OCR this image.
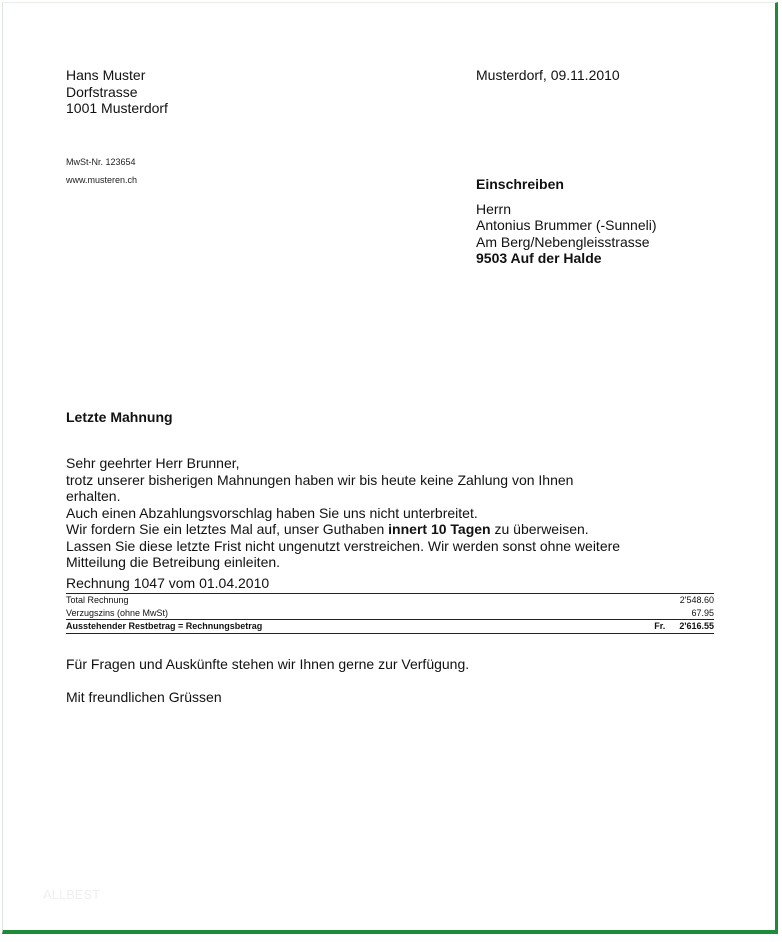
Hans Muster
Dorfstrasse
1001 Musterdorf
Musterdorf, 09.11.2010
MwSt-Nr. 123654
www.musteren.ch	Einschreiben
Herrn
Antonius Brummer (-Sunneli)
Am Berg/Nebengleisstrasse
9503 Auf der Halde
Letzte Mahnung
Sehr geehrter Herr Brunner,
trotz unserer bisherigen Mahnungen haben wir bis heute keine Zahlung von Ihnen erhalten.
Auch einen Abzahlungsvorschlag haben Sie uns nicht unterbreitet.
Wir fordern Sie ein letztes Mal auf, unser Guthaben innert 10 Tagen zu überweisen.
Lassen Sie diese letzte Frist nicht ungenutzt verstreichen. Wir werden sonst ohne weitere
Mitteilung die Betreibung einleiten.
Rechnung 1047 vom 01.04.2010
Total Rechnung	2'548.60
Verzugszins (ohne MwSt)	67.95
Ausstehender Restbetrag = Rechnungsbetrag	Fr. 2'616.55
Für Fragen und Auskünfte stehen wir Ihnen gerne zur Verfügung.
Mit freundlichen Grüssen
ALLBEST
